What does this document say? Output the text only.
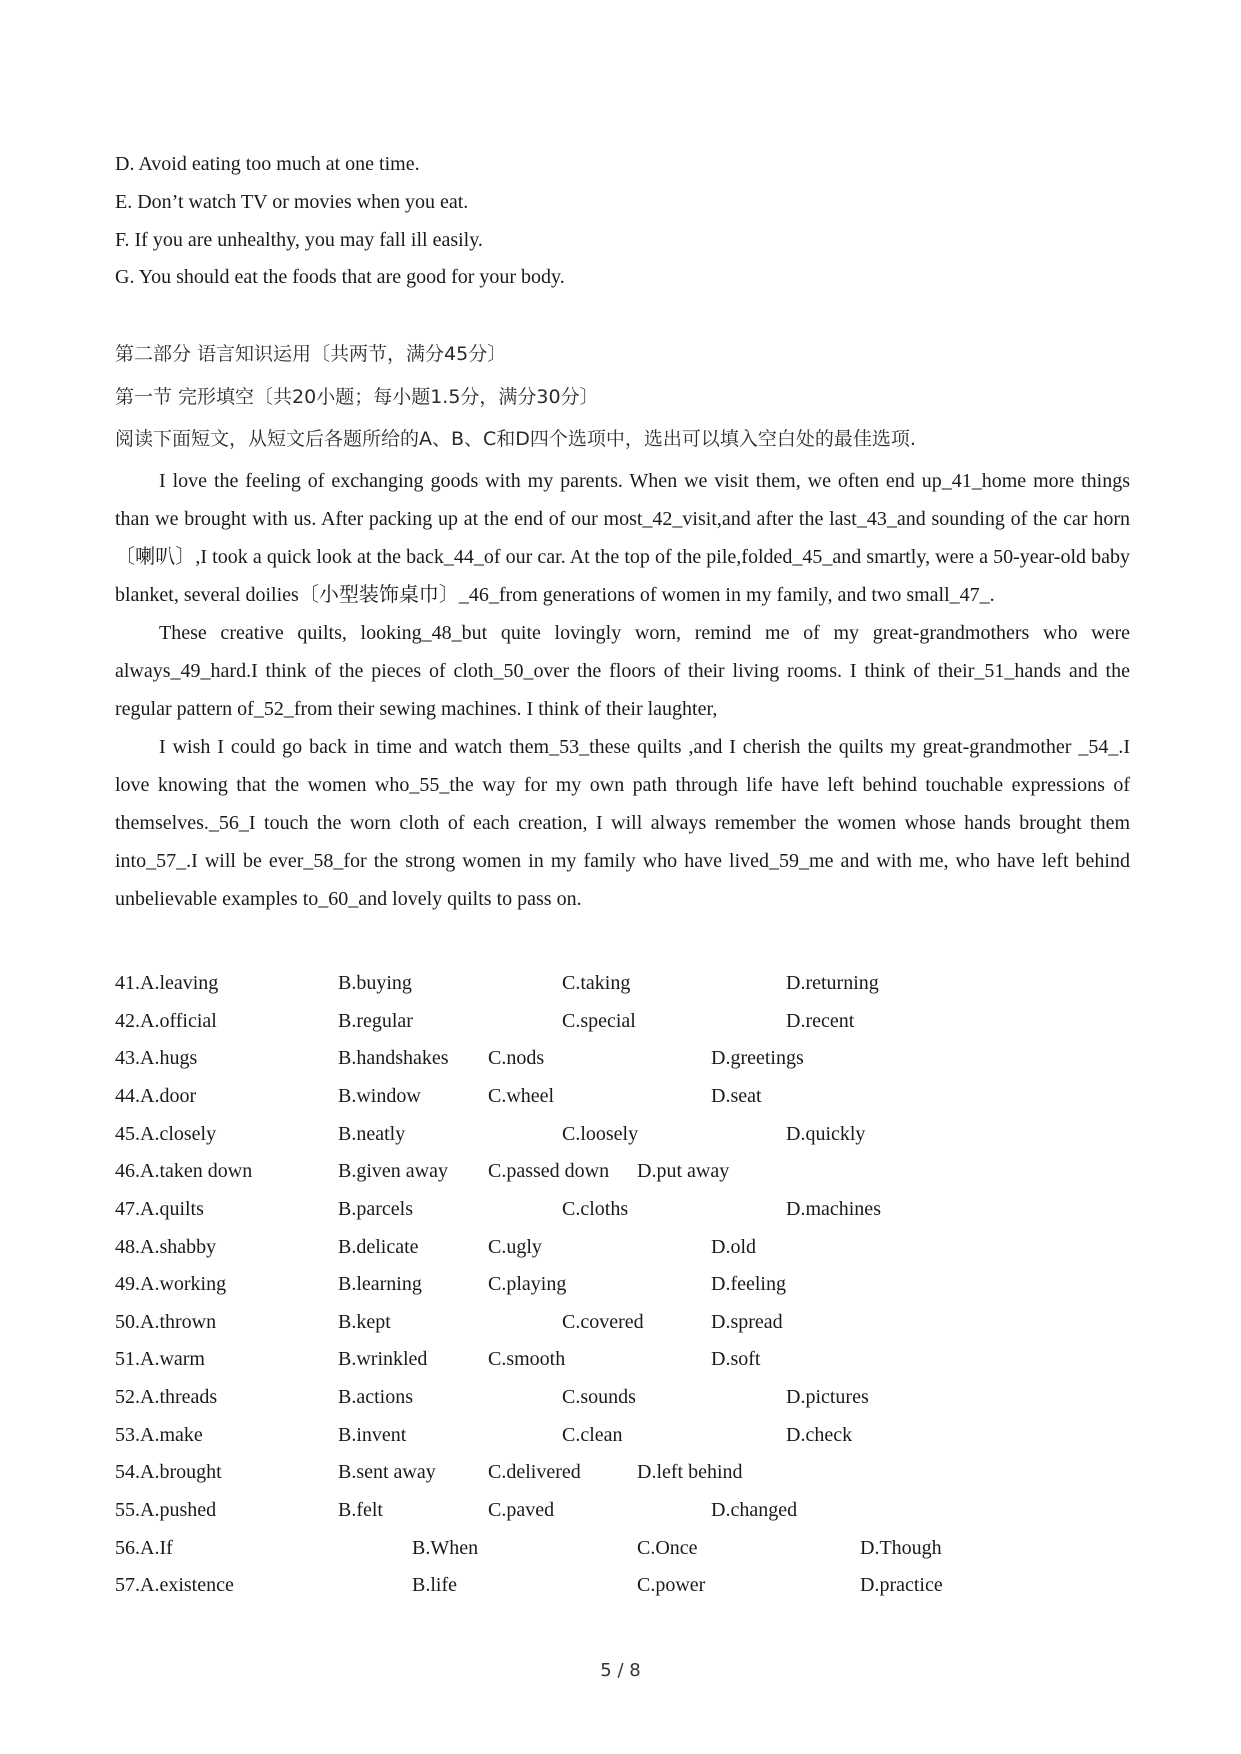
D. Avoid eating too much at one time.
E. Don’t watch TV or movies when you eat.
F. If you are unhealthy, you may fall ill easily.
G. You should eat the foods that are good for your body.
第二部分 语言知识运用〔共两节，满分45分〕
第一节 完形填空〔共20小题；每小题1.5分，满分30分〕
阅读下面短文，从短文后各题所给的A、B、C和D四个选项中，选出可以填入空白处的最佳选项.

I love the feeling of exchanging goods with my parents. When we visit them, we often end up_41_home more things than we brought with us. After packing up at the end of our most_42_visit,and after the last_43_and sounding of the car horn〔喇叭〕,I took a quick look at the back_44_of our car. At the top of the pile,folded_45_and smartly, were a 50-year-old baby blanket, several doilies〔小型装饰桌巾〕_46_from generations of women in my family, and two small_47_.

These creative quilts, looking_48_but quite lovingly worn, remind me of my great-grandmothers who were always_49_hard.I think of the pieces of cloth_50_over the floors of their living rooms. I think of their_51_hands and the regular pattern of_52_from their sewing machines. I think of their laughter,

I wish I could go back in time and watch them_53_these quilts ,and I cherish the quilts my great-grandmother _54_.I love knowing that the women who_55_the way for my own path through life have left behind touchable expressions of themselves._56_I touch the worn cloth of each creation, I will always remember the women whose hands brought them into_57_.I will be ever_58_for the strong women in my family who have lived_59_me and with me, who have left behind unbelievable examples to_60_and lovely quilts to pass on.

41.A.leaving	B.buying	C.taking	D.returning
42.A.official	B.regular	C.special	D.recent
43.A.hugs	B.handshakes C.nods	D.greetings
44.A.door	B.window	C.wheel	D.seat
45.A.closely	B.neatly	C.loosely	D.quickly
46.A.taken down	B.given away C.passed down D.put away
47.A.quilts	B.parcels	C.cloths	D.machines
48.A.shabby	B.delicate	C.ugly	D.old
49.A.working	B.learning	C.playing	D.feeling
50.A.thrown	B.kept	C.covered	D.spread
51.A.warm	B.wrinkled	C.smooth	D.soft
52.A.threads	B.actions	C.sounds	D.pictures
53.A.make	B.invent	C.clean	D.check
54.A.brought	B.sent away	C.delivered	D.left behind
55.A.pushed	B.felt	C.paved	D.changed
56.A.If	B.When	C.Once	D.Though
57.A.existence	B.life	C.power	D.practice
5 / 8
